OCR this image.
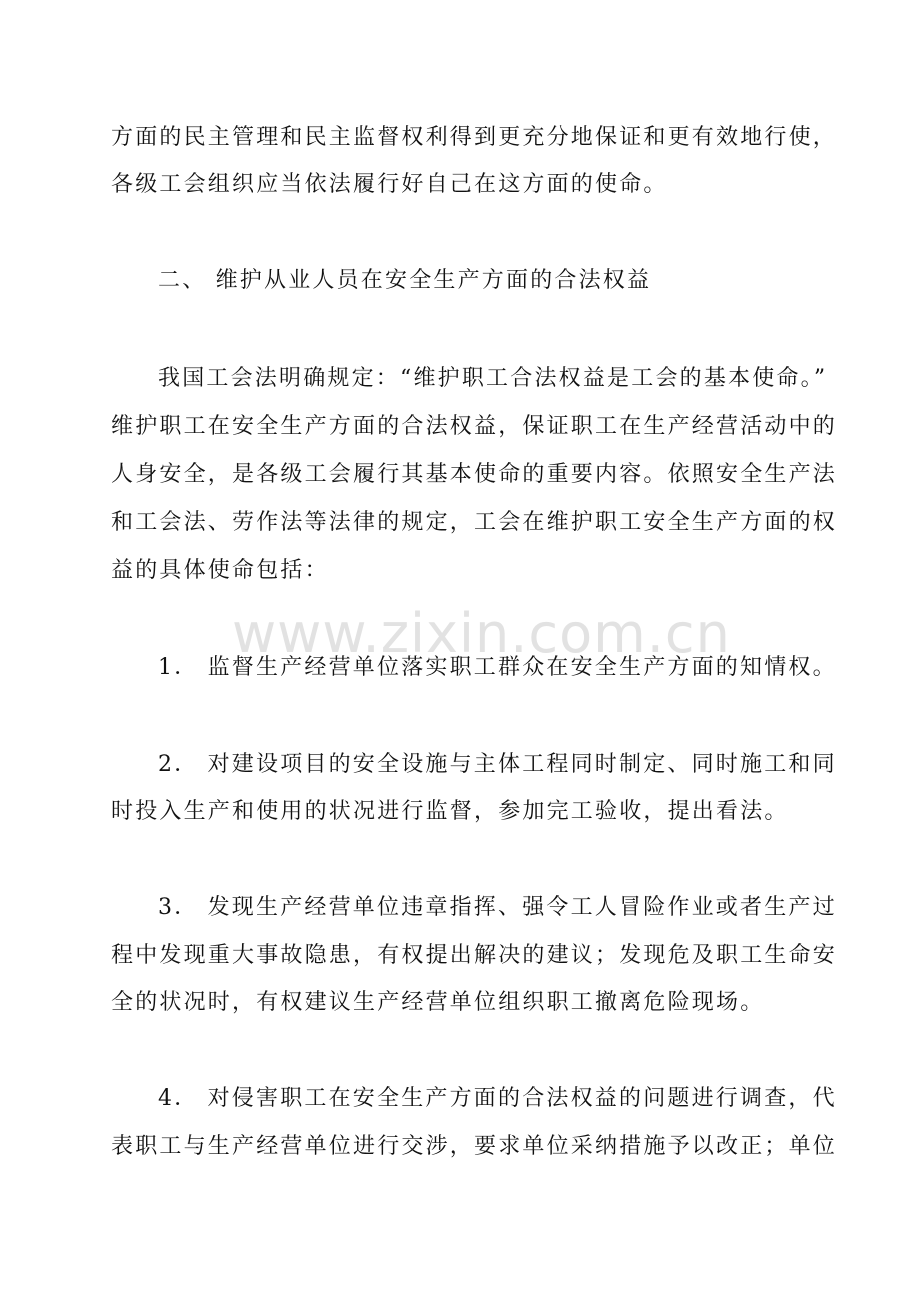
www.zixin.com.cn
方面的民主管理和民主监督权利得到更充分地保证和更有效地行使，
各级工会组织应当依法履行好自己在这方面的使命。
二、 维护从业人员在安全生产方面的合法权益
我国工会法明确规定：“维护职工合法权益是工会的基本使命。”
维护职工在安全生产方面的合法权益，保证职工在生产经营活动中的
人身安全，是各级工会履行其基本使命的重要内容。依照安全生产法
和工会法、劳作法等法律的规定，工会在维护职工安全生产方面的权
益的具体使命包括：
1． 监督生产经营单位落实职工群众在安全生产方面的知情权。
2． 对建设项目的安全设施与主体工程同时制定、同时施工和同
时投入生产和使用的状况进行监督，参加完工验收，提出看法。
3． 发现生产经营单位违章指挥、强令工人冒险作业或者生产过
程中发现重大事故隐患，有权提出解决的建议；发现危及职工生命安
全的状况时，有权建议生产经营单位组织职工撤离危险现场。
4． 对侵害职工在安全生产方面的合法权益的问题进行调查，代
表职工与生产经营单位进行交涉，要求单位采纳措施予以改正；单位
